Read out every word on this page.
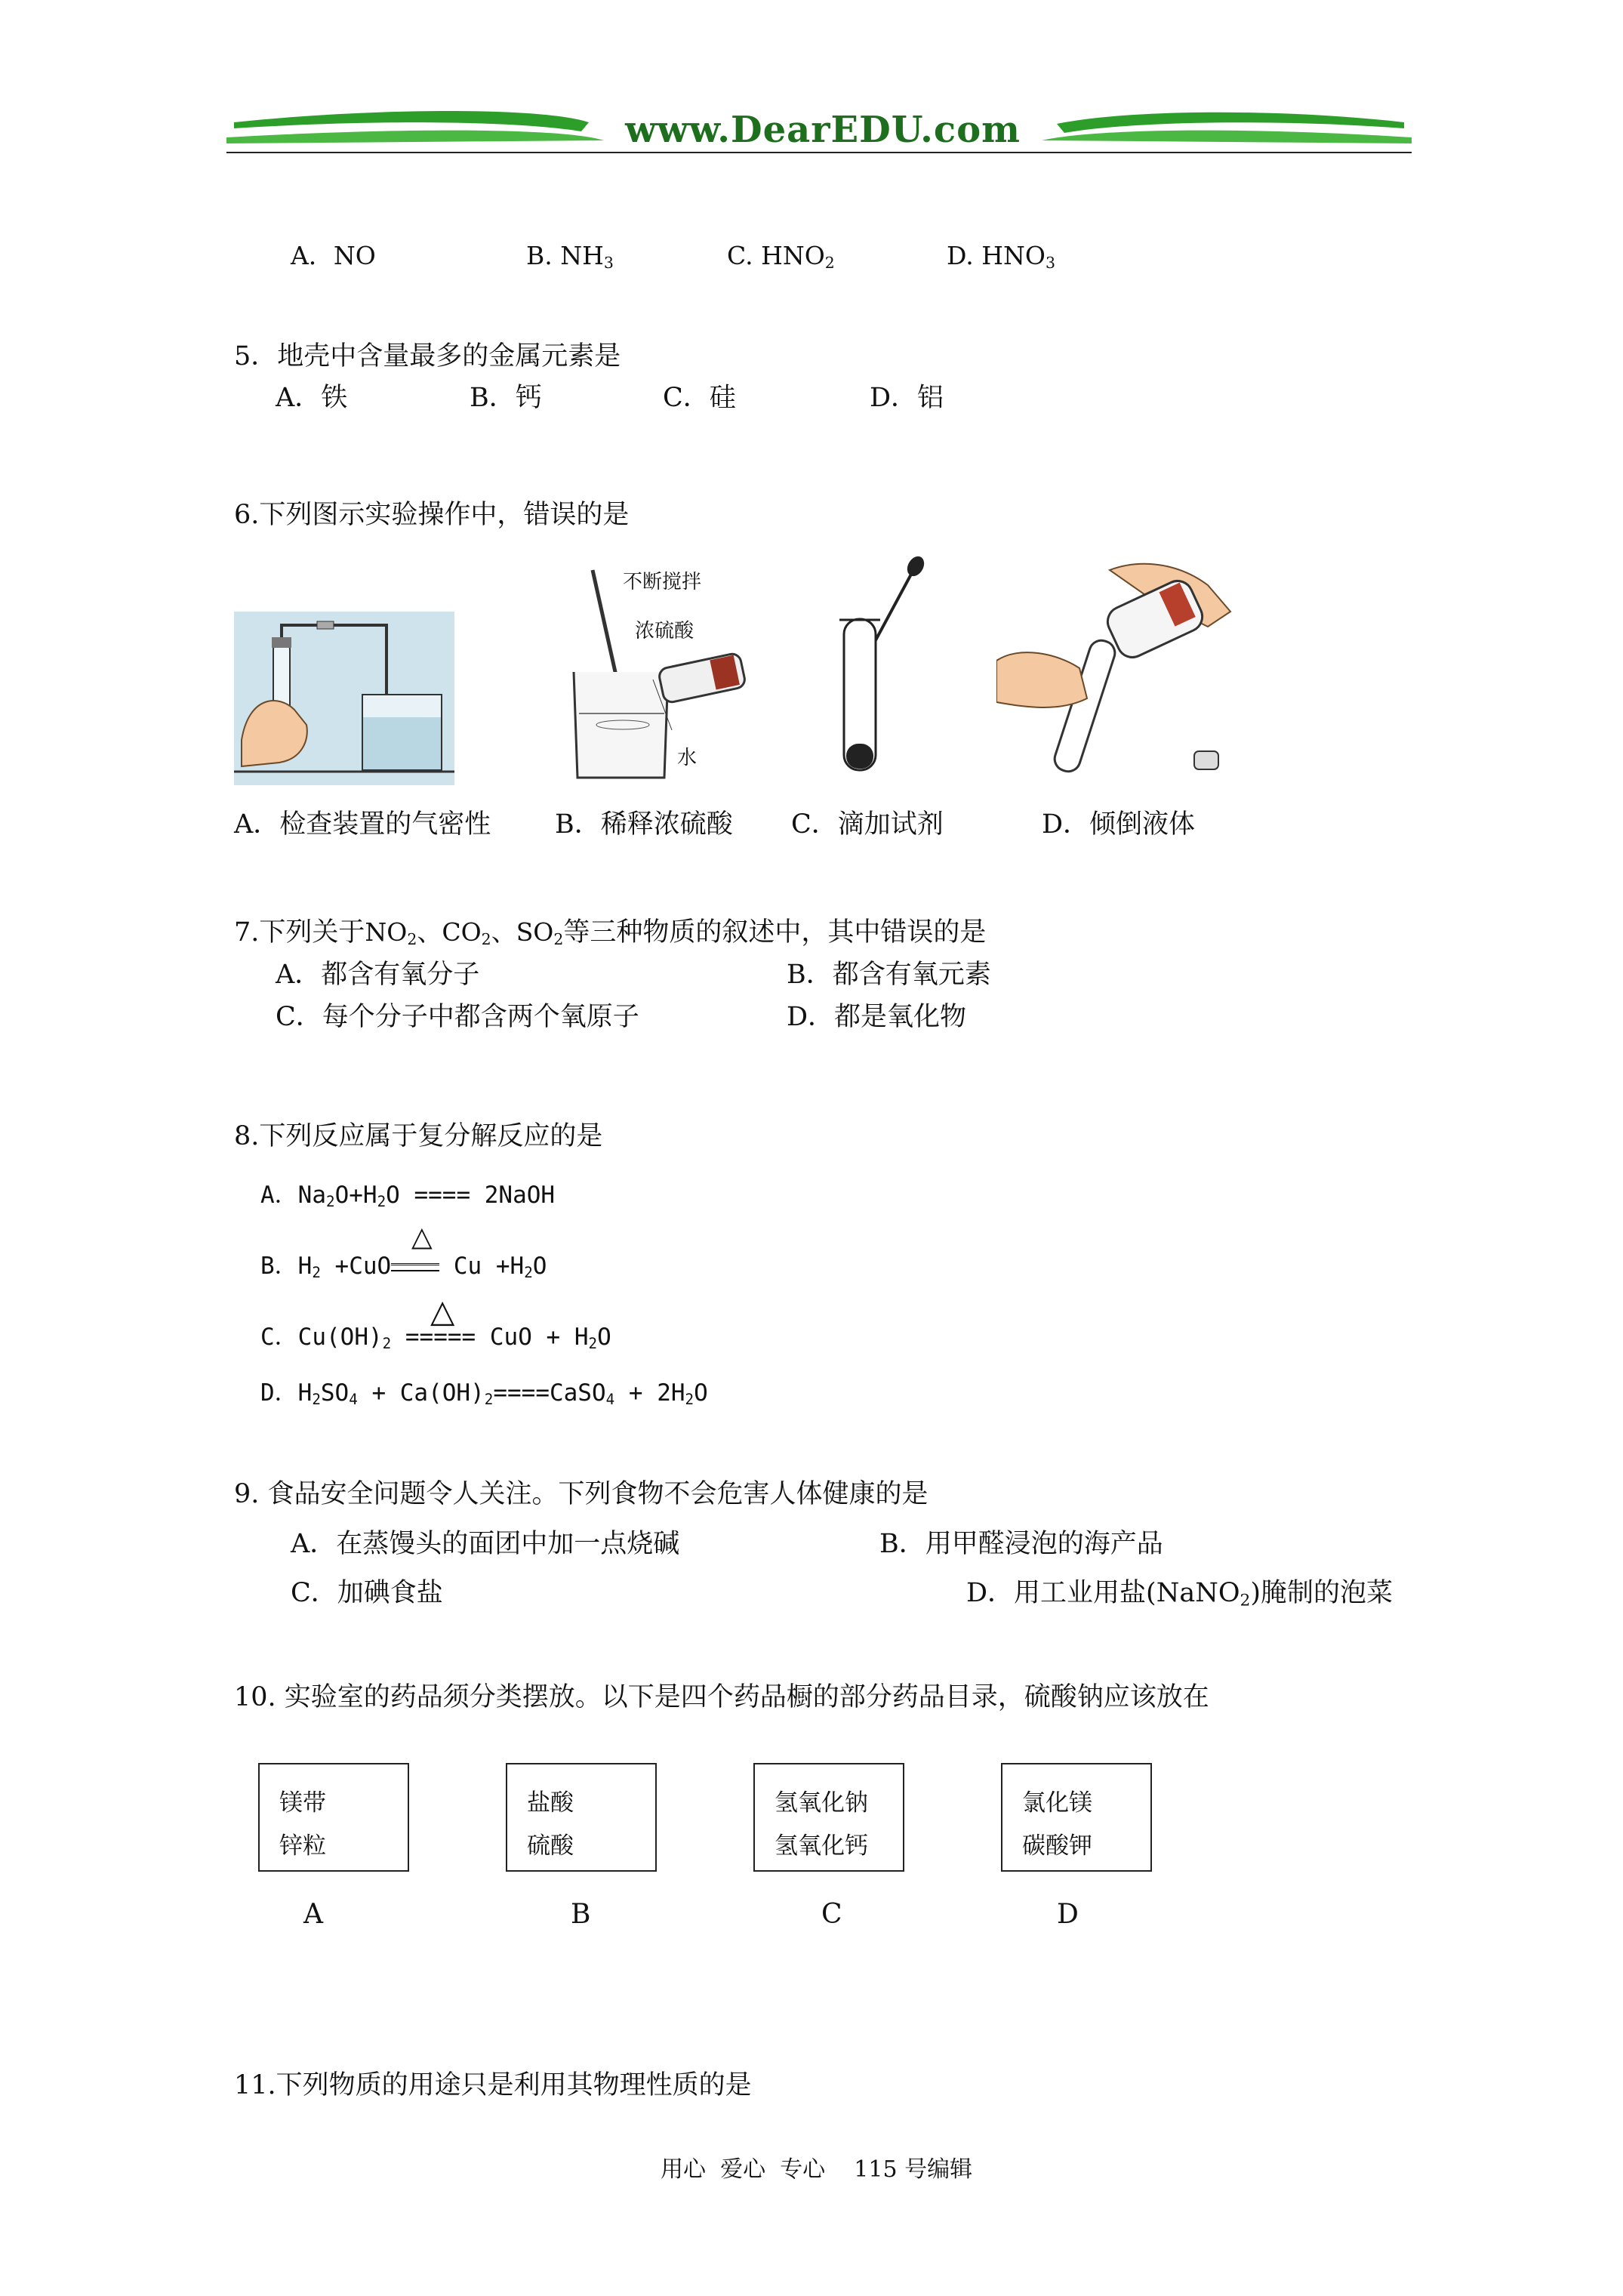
www.DearEDU.com
A．NO	B. $NH_3$	C. $HNO_2$	D. $HNO_3$
5．地壳中含量最多的金属元素是
A．铁	B．钙	C．硅	D．铝
6.下列图示实验操作中，错误的是
不断搅拌
浓硫酸
水
A．检查装置的气密性 B．稀释浓硫酸 C．滴加试剂	D．倾倒液体
7.下列关于$NO_2$、$CO_2$、$SO_2$等三种物质的叙述中，其中错误的是
A．都含有氧分子	B．都含有氧元素
C．每个分子中都含两个氧原子	D．都是氧化物
8.下列反应属于复分解反应的是
A．$Na_2O+H_2O$ ==== 2NaOH
△
B．$H_2 +CuO$ $Cu +H_2O$
△
C．$Cu(OH)_2$ ===== CuO + $H_2O$
D．$H_2SO_4$ + $Ca(OH)_2====CaSO_4 + 2H_2O$
9. 食品安全问题令人关注。下列食物不会危害人体健康的是
A．在蒸馒头的面团中加一点烧碱	B．用甲醛浸泡的海产品
C．加碘食盐	D．用工业用盐(NaNO$_2$)腌制的泡菜
10. 实验室的药品须分类摆放。以下是四个药品橱的部分药品目录，硫酸钠应该放在
镁带
锌粒
盐酸
硫酸
氢氧化钠
氢氧化钙
氯化镁
碳酸钾
A	B	C	D
11.下列物质的用途只是利用其物理性质的是
用心  爱心  专心    115 号编辑
